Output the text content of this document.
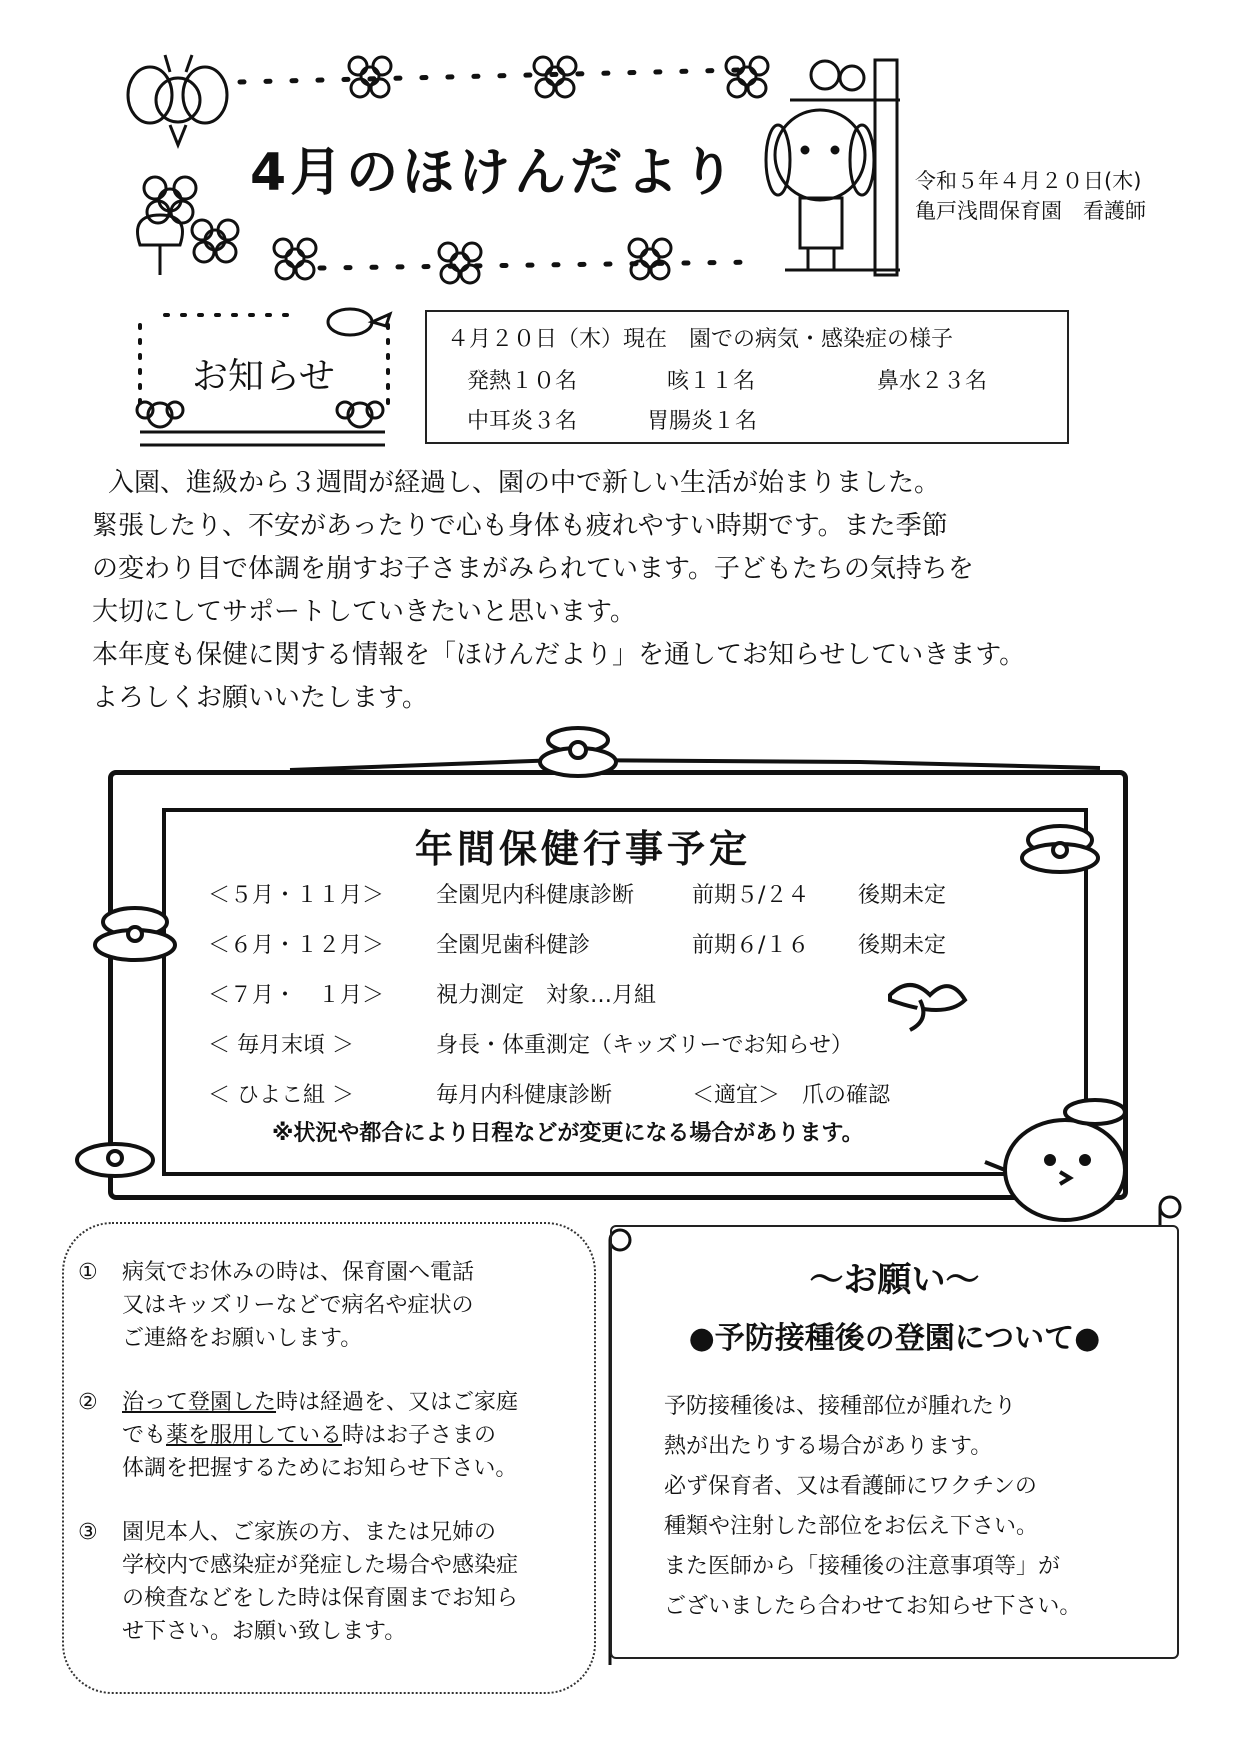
4月のほけんだより	令和５年４月２０日(木)
亀戸浅間保育園　看護師
お知らせ
４月２０日（木）現在　園での病気・感染症の様子
発熱１０名	咳１１名	鼻水２３名
中耳炎３名	胃腸炎１名

入園、進級から３週間が経過し、園の中で新しい生活が始まりました。

緊張したり、不安があったりで心も身体も疲れやすい時期です。また季節

の変わり目で体調を崩すお子さまがみられています。子どもたちの気持ちを

大切にしてサポートしていきたいと思います。

本年度も保健に関する情報を「ほけんだより」を通してお知らせしていきます。

よろしくお願いいたします。

年間保健行事予定
＜５月・１１月＞ 全園児内科健康診断	前期５/２４ 後期未定
＜６月・１２月＞ 全園児歯科健診	前期６/１６ 後期未定
＜７月・　１月＞ 視力測定　対象…月組
＜ 毎月末頃 ＞	身長・体重測定（キッズリーでお知らせ）
＜ ひよこ組 ＞	毎月内科健康診断	＜適宜＞　爪の確認
※状況や都合により日程などが変更になる場合があります。
① 病気でお休みの時は、保育園へ電話
又はキッズリーなどで病名や症状の
ご連絡をお願いします。
② 治って登園した時は経過を、又はご家庭
でも薬を服用している時はお子さまの
体調を把握するためにお知らせ下さい。
③ 園児本人、ご家族の方、または兄姉の
学校内で感染症が発症した場合や感染症
の検査などをした時は保育園までお知ら
せ下さい。お願い致します。
～お願い～
●予防接種後の登園について●

予防接種後は、接種部位が腫れたり

熱が出たりする場合があります。

必ず保育者、又は看護師にワクチンの

種類や注射した部位をお伝え下さい。

また医師から「接種後の注意事項等」が

ございましたら合わせてお知らせ下さい。
